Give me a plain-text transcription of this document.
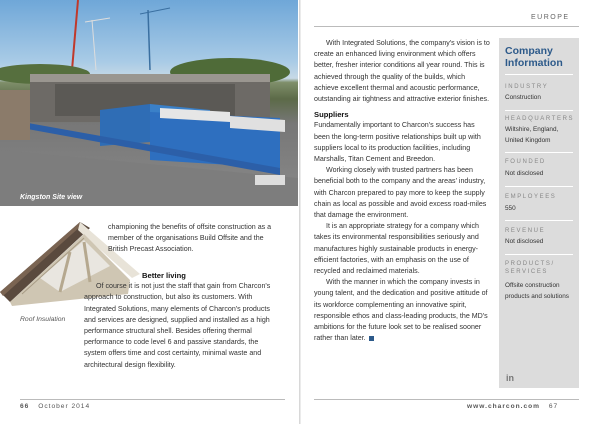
Kingston Site view
Roof Insulation

championing the benefits of offsite construction as a member of the organisations Build Offsite and the British Precast Association.

Better living

Of course it is not just the staff that gain from Charcon's approach to construction, but also its customers. With Integrated Solutions, many elements of Charcon's products and services are designed, supplied and installed as a high performance structural shell. Besides offering thermal performance to code level 6 and passive standards, the system offers time and cost certainty, minimal waste and architectural design flexibility.

EUROPE

With Integrated Solutions, the company's vision is to create an enhanced living environment which offers better, fresher interior conditions all year round. This is achieved through the quality of the builds, which achieve excellent thermal and acoustic performance, outstanding air tightness and attractive exterior finishes.

Suppliers

Fundamentally important to Charcon's success has been the long-term positive relationships built up with suppliers local to its production facilities, including Marshalls, Titan Cement and Breedon.

Working closely with trusted partners has been beneficial both to the company and the areas' industry, with Charcon prepared to pay more to keep the supply chain as local as possible and avoid excess road-miles that damage the environment.

It is an appropriate strategy for a company which takes its environmental responsibilities seriously and manufactures highly sustainable products in energy-efficient factories, with an emphasis on the use of recycled and reclaimed materials.

With the manner in which the company invests in young talent, and the dedication and positive attitude of its workforce complementing an innovative spirit, responsible ethos and class-leading products, the MD's ambitions for the future look set to be realised sooner rather than later.

Company
Information
INDUSTRY
Construction
HEADQUARTERS
Wiltshire, England, United Kingdom
FOUNDED
Not disclosed
EMPLOYEES
550
REVENUE
Not disclosed
PRODUCTS/
SERVICES
Offsite construction products and solutions
in
66 October 2014	www.charcon.com 67
